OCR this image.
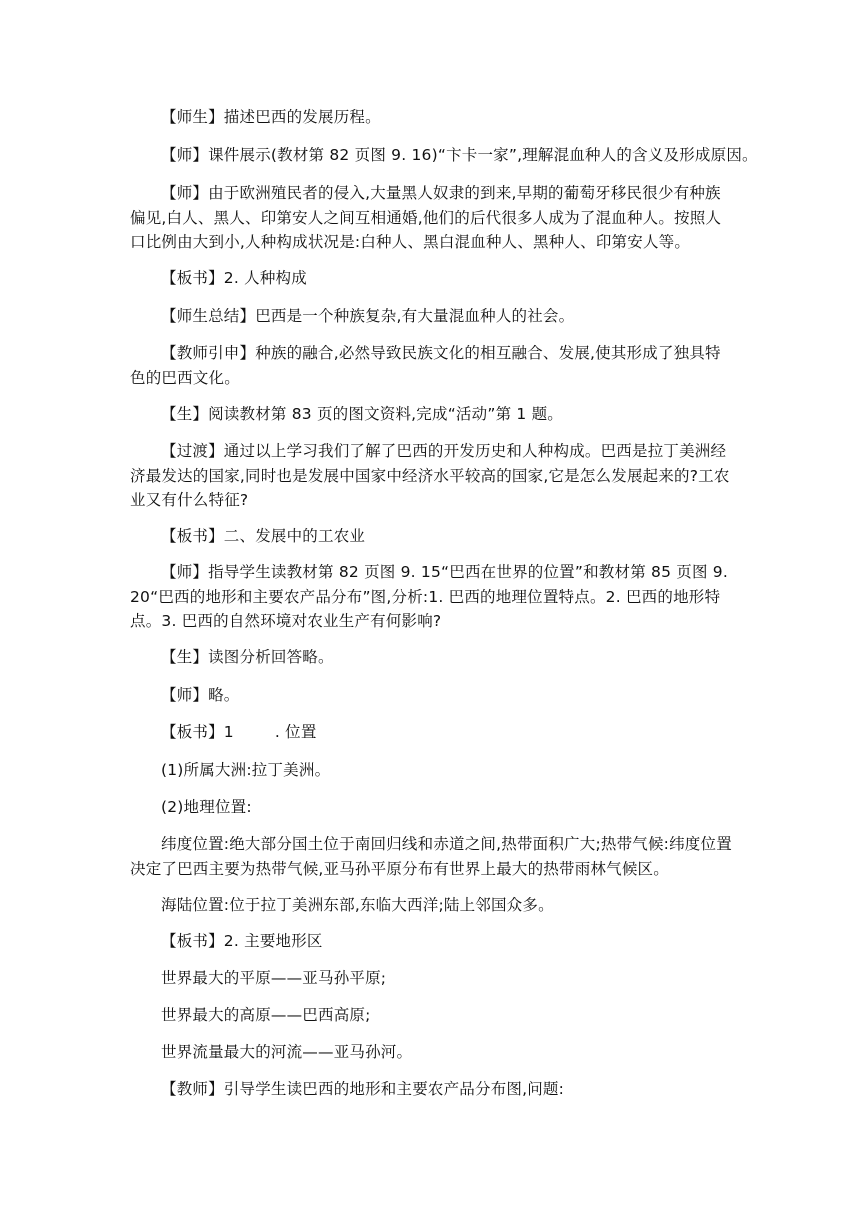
【师生】描述巴西的发展历程。

【师】课件展示(教材第 82 页图 9. 16)“卞卡一家”,理解混血种人的含义及形成原因。

【师】由于欧洲殖民者的侵入,大量黑人奴隶的到来,早期的葡萄牙移民很少有种族偏见,白人、黑人、印第安人之间互相通婚,他们的后代很多人成为了混血种人。按照人口比例由大到小,人种构成状况是:白种人、黑白混血种人、黑种人、印第安人等。

【板书】2. 人种构成

【师生总结】巴西是一个种族复杂,有大量混血种人的社会。

【教师引申】种族的融合,必然导致民族文化的相互融合、发展,使其形成了独具特色的巴西文化。

【生】阅读教材第 83 页的图文资料,完成“活动”第 1 题。

【过渡】通过以上学习我们了解了巴西的开发历史和人种构成。巴西是拉丁美洲经济最发达的国家,同时也是发展中国家中经济水平较高的国家,它是怎么发展起来的?工农业又有什么特征?

【板书】二、发展中的工农业

【师】指导学生读教材第 82 页图 9. 15“巴西在世界的位置”和教材第 85 页图 9. 20“巴西的地形和主要农产品分布”图,分析:1. 巴西的地理位置特点。2. 巴西的地形特点。3. 巴西的自然环境对农业生产有何影响?

【生】读图分析回答略。

【师】略。

【板书】1        . 位置

(1)所属大洲:拉丁美洲。

(2)地理位置:

纬度位置:绝大部分国土位于南回归线和赤道之间,热带面积广大;热带气候:纬度位置决定了巴西主要为热带气候,亚马孙平原分布有世界上最大的热带雨林气候区。

海陆位置:位于拉丁美洲东部,东临大西洋;陆上邻国众多。

【板书】2. 主要地形区

世界最大的平原——亚马孙平原;

世界最大的高原——巴西高原;

世界流量最大的河流——亚马孙河。

【教师】引导学生读巴西的地形和主要农产品分布图,问题:
